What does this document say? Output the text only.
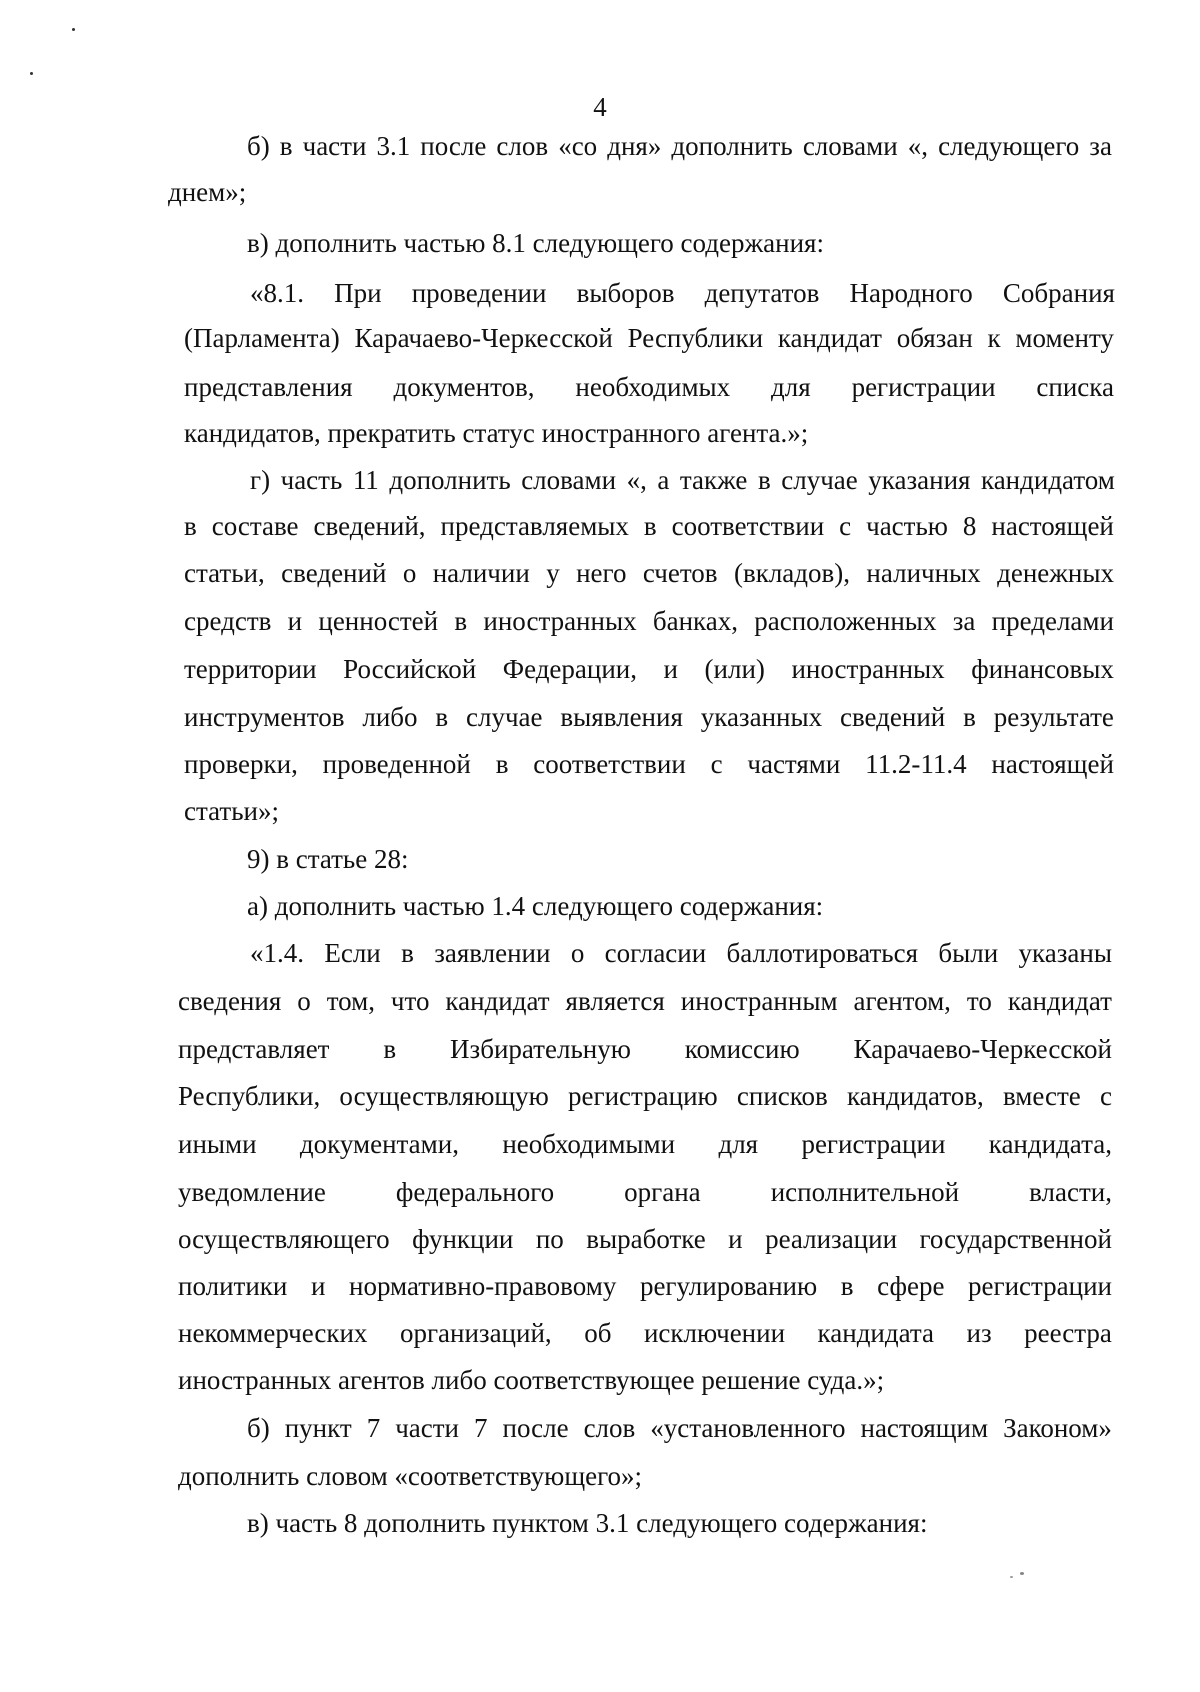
4
б) в части 3.1 после слов «со дня» дополнить словами «, следующего за
днем»;
в) дополнить частью 8.1 следующего содержания:
«8.1. При проведении выборов депутатов Народного Собрания
(Парламента) Карачаево-Черкесской Республики кандидат обязан к моменту
представления документов, необходимых для регистрации списка
кандидатов, прекратить статус иностранного агента.»;
г) часть 11 дополнить словами «, а также в случае указания кандидатом
в составе сведений, представляемых в соответствии с частью 8 настоящей
статьи, сведений о наличии у него счетов (вкладов), наличных денежных
средств и ценностей в иностранных банках, расположенных за пределами
территории Российской Федерации, и (или) иностранных финансовых
инструментов либо в случае выявления указанных сведений в результате
проверки, проведенной в соответствии с частями 11.2-11.4 настоящей
статьи»;
9) в статье 28:
а) дополнить частью 1.4 следующего содержания:
«1.4. Если в заявлении о согласии баллотироваться были указаны
сведения о том, что кандидат является иностранным агентом, то кандидат
представляет в Избирательную комиссию Карачаево-Черкесской
Республики, осуществляющую регистрацию списков кандидатов, вместе с
иными документами, необходимыми для регистрации кандидата,
уведомление	федерального	органа	исполнительной	власти,
осуществляющего функции по выработке и реализации государственной
политики и нормативно-правовому регулированию в сфере регистрации
некоммерческих организаций, об исключении кандидата из реестра
иностранных агентов либо соответствующее решение суда.»;
б) пункт 7 части 7 после слов «установленного настоящим Законом»
дополнить словом «соответствующего»;
в) часть 8 дополнить пунктом 3.1 следующего содержания:
